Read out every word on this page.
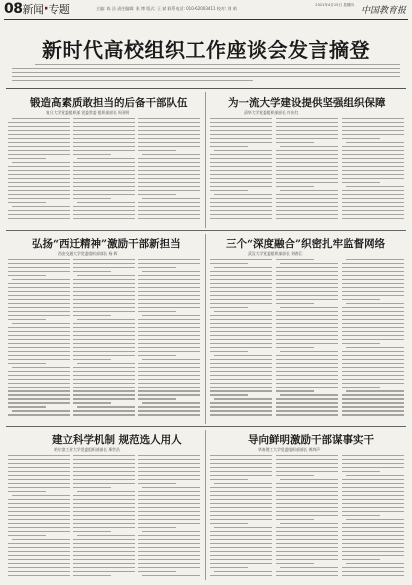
08新闻·专题	主编: 陈 洁 责任编辑: 张 博 版式: 王 斌 联系电话: 010-62003411 校对: 刘 萌
2021年4月15日 星期四
中国教育报
新时代高校组织工作座谈会发言摘登
锻造高素质敢担当的后备干部队伍
复旦大学党委组织部 党委常委 组织部部长 周亚明
为一流大学建设提供坚强组织保障
清华大学党委组织部部长 许庆红
弘扬“西迁精神”激励干部新担当
西安交通大学党委组织部部长 杨 辉
三个“深度融合”织密扎牢监督网络
武汉大学党委组织部部长 刘春江
建立科学机制 规范选人用人
哈尔滨工业大学党委组织部部长 邢世昌
导向鲜明激励干部谋事实干
华南理工大学党委组织部部长 黄鸿声
